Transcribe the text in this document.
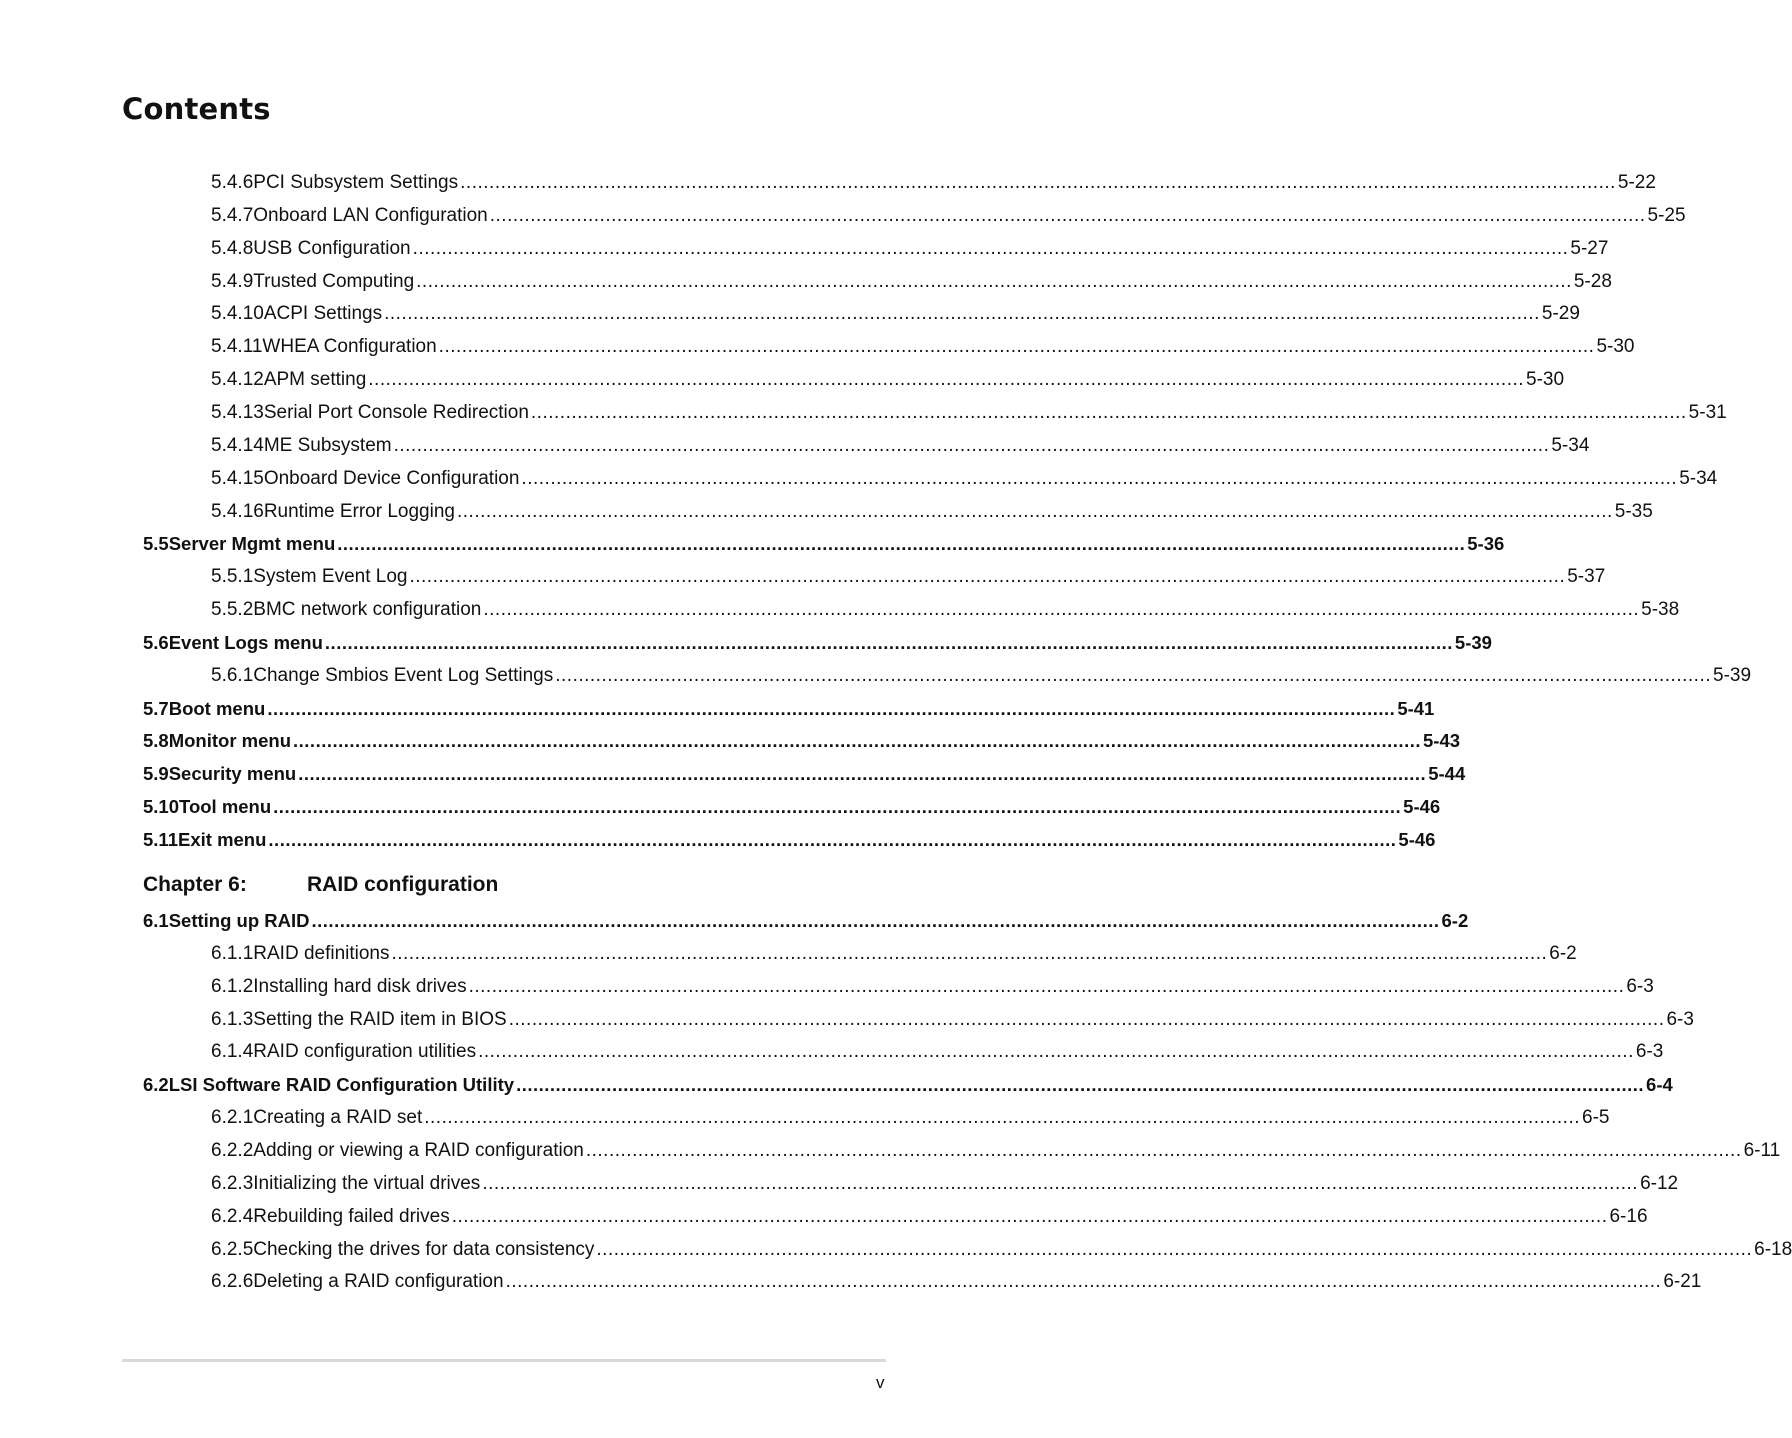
Contents
5.4.6 PCI Subsystem Settings ........................................................................................................................................................................................................ 5-22
5.4.7 Onboard LAN Configuration ........................................................................................................................................................................................................ 5-25
5.4.8 USB Configuration ........................................................................................................................................................................................................ 5-27
5.4.9 Trusted Computing ........................................................................................................................................................................................................ 5-28
5.4.10 ACPI Settings ........................................................................................................................................................................................................ 5-29
5.4.11 WHEA Configuration ........................................................................................................................................................................................................ 5-30
5.4.12 APM setting ........................................................................................................................................................................................................ 5-30
5.4.13 Serial Port Console Redirection ........................................................................................................................................................................................................ 5-31
5.4.14 ME Subsystem ........................................................................................................................................................................................................ 5-34
5.4.15 Onboard Device Configuration ........................................................................................................................................................................................................ 5-34
5.4.16 Runtime Error Logging ........................................................................................................................................................................................................ 5-35
5.5 Server Mgmt menu ........................................................................................................................................................................................................ 5-36
5.5.1 System Event Log ........................................................................................................................................................................................................ 5-37
5.5.2 BMC network configuration ........................................................................................................................................................................................................ 5-38
5.6 Event Logs menu ........................................................................................................................................................................................................ 5-39
5.6.1 Change Smbios Event Log Settings ........................................................................................................................................................................................................ 5-39
5.7 Boot menu ........................................................................................................................................................................................................ 5-41
5.8 Monitor menu ........................................................................................................................................................................................................ 5-43
5.9 Security menu ........................................................................................................................................................................................................ 5-44
5.10 Tool menu ........................................................................................................................................................................................................ 5-46
5.11 Exit menu ........................................................................................................................................................................................................ 5-46
Chapter 6:	RAID configuration
6.1 Setting up RAID ........................................................................................................................................................................................................ 6-2
6.1.1 RAID definitions ........................................................................................................................................................................................................ 6-2
6.1.2 Installing hard disk drives ........................................................................................................................................................................................................ 6-3
6.1.3 Setting the RAID item in BIOS ........................................................................................................................................................................................................ 6-3
6.1.4 RAID configuration utilities ........................................................................................................................................................................................................ 6-3
6.2 LSI Software RAID Configuration Utility ........................................................................................................................................................................................................ 6-4
6.2.1 Creating a RAID set ........................................................................................................................................................................................................ 6-5
6.2.2 Adding or viewing a RAID configuration ........................................................................................................................................................................................................ 6-11
6.2.3 Initializing the virtual drives ........................................................................................................................................................................................................ 6-12
6.2.4 Rebuilding failed drives ........................................................................................................................................................................................................ 6-16
6.2.5 Checking the drives for data consistency ........................................................................................................................................................................................................ 6-18
6.2.6 Deleting a RAID configuration ........................................................................................................................................................................................................ 6-21
v
